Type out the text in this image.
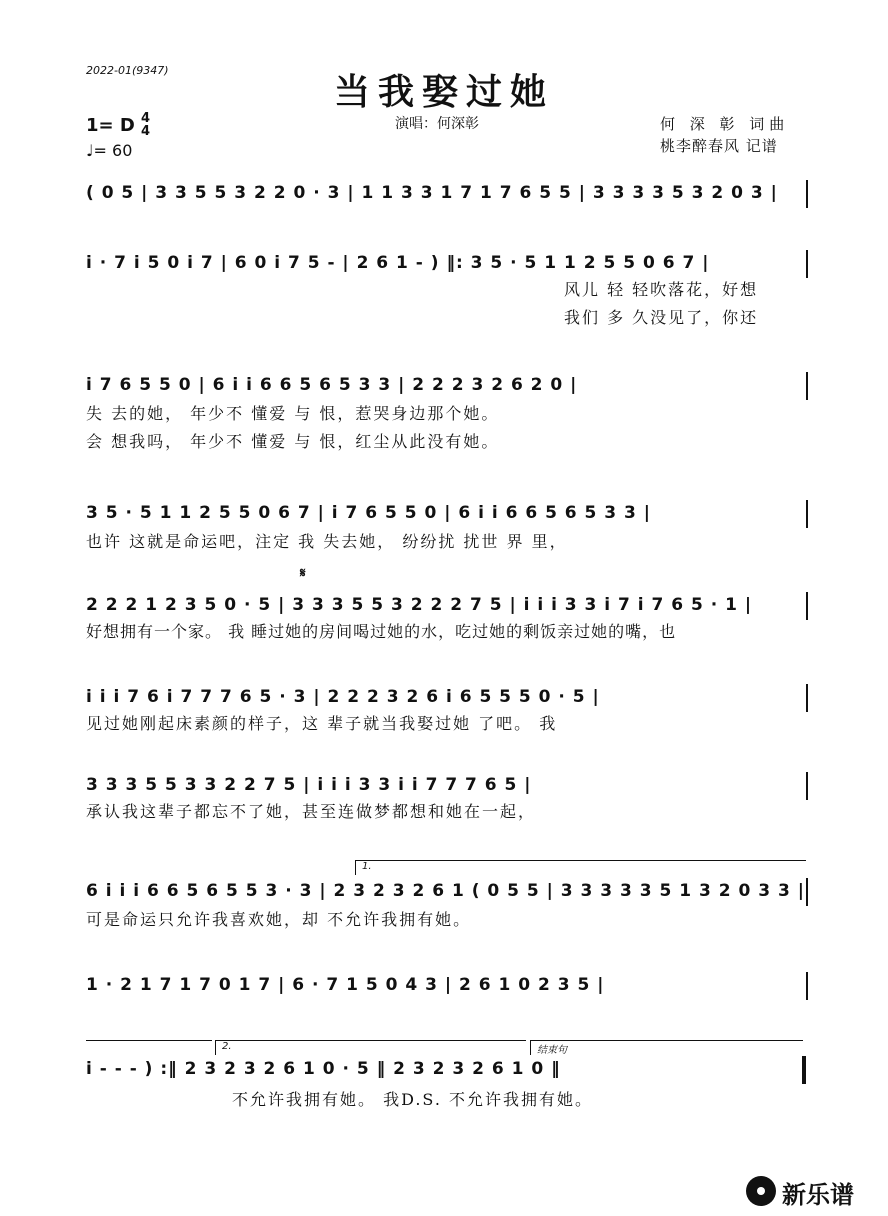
2022-01(9347)
当我娶过她
1= D 4
4
♩= 60
演唱：何深彰	何 深 彰 词曲
桃李醉春风 记谱
( 0 5 | 3 3 5 5 3 2 2 0 · 3 | 1 1 3 3 1 7 1 7 6 5 5 | 3 3 3 3 5 3 2 0 3 |
i · 7 i 5 0 i 7 | 6 0 i 7 5 - | 2 6 1 - ) ‖: 3 5 · 5 1 1 2 5 5 0 6 7 |
风儿 轻 轻吹落花，好想
我们 多 久没见了，你还
i 7 6 5 5 0 | 6 i i 6 6 5 6 5 3 3 | 2 2 2 3 2 6 2 0 |
失 去的她， 年少不 懂爱 与 恨，惹哭身边那个她。
会 想我吗， 年少不 懂爱 与 恨，红尘从此没有她。
3 5 · 5 1 1 2 5 5 0 6 7 | i 7 6 5 5 0 | 6 i i 6 6 5 6 5 3 3 |
也许 这就是命运吧，注定 我 失去她， 纷纷扰 扰世 界 里，
𝄋
2 2 2 1 2 3 5 0 · 5 | 3 3 3 5 5 3 2 2 2 7 5 | i i i 3 3 i 7 i 7 6 5 · 1 |
好想拥有一个家。 我 睡过她的房间喝过她的水，吃过她的剩饭亲过她的嘴，也
i i i 7 6 i 7 7 7 6 5 · 3 | 2 2 2 3 2 6 i 6 5 5 5 0 · 5 |
见过她刚起床素颜的样子，这 辈子就当我娶过她 了吧。 我
3 3 3 5 5 3 3 2 2 7 5 | i i i 3 3 i i 7 7 7 6 5 |
承认我这辈子都忘不了她，甚至连做梦都想和她在一起，
1.
6 i i i 6 6 5 6 5 5 3 · 3 | 2 3 2 3 2 6 1 ( 0 5 5 | 3 3 3 3 3 5 1 3 2 0 3 3 |
可是命运只允许我喜欢她，却 不允许我拥有她。
1 · 2 1 7 1 7 0 1 7 | 6 · 7 1 5 0 4 3 | 2 6 1 0 2 3 5 |
2.	结束句
i - - - ) :‖ 2 3 2 3 2 6 1 0 · 5 ‖ 2 3 2 3 2 6 1 0 ‖
不允许我拥有她。 我D.S. 不允许我拥有她。
新乐谱
